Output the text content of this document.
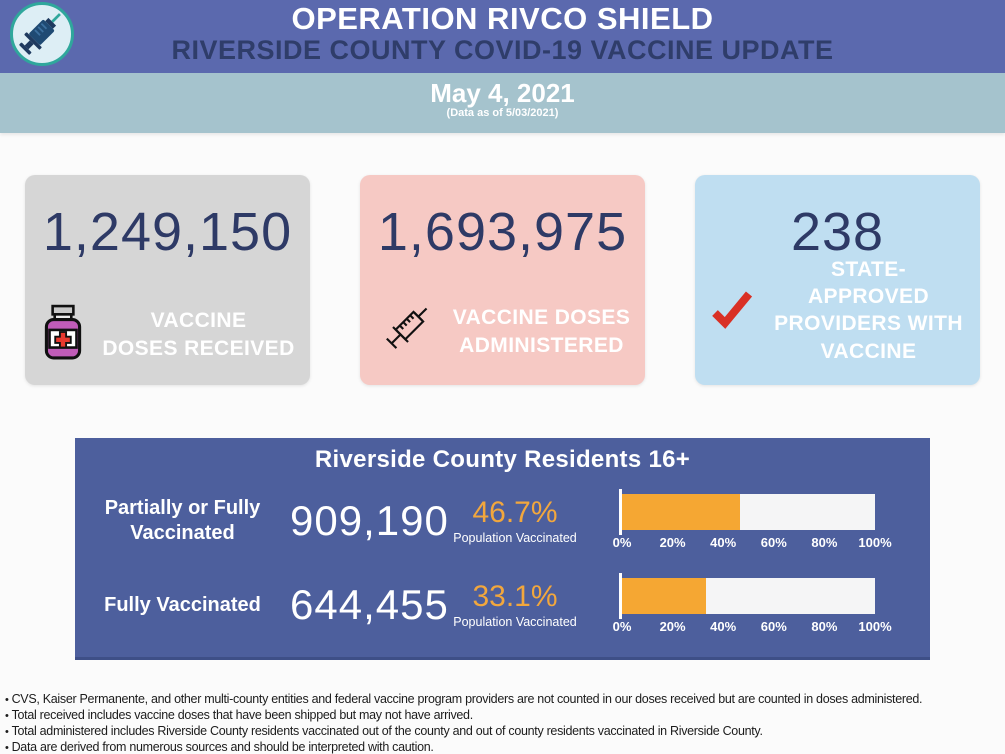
OPERATION RIVCO SHIELD
RIVERSIDE COUNTY COVID-19 VACCINE UPDATE
May 4, 2021
(Data as of 5/03/2021)
1,249,150
VACCINE
DOSES RECEIVED
1,693,975
VACCINE DOSES
ADMINISTERED
238
STATE-APPROVED
PROVIDERS WITH
VACCINE
Riverside County Residents 16+
Partially or Fully Vaccinated	909,190 46.7%
Population Vaccinated	0% 20% 40% 60% 80% 100%
Fully Vaccinated 644,455 33.1%
Population Vaccinated	0% 20% 40% 60% 80% 100%
• CVS, Kaiser Permanente, and other multi-county entities and federal vaccine program providers are not counted in our doses received but are counted in doses administered.
• Total received includes vaccine doses that have been shipped but may not have arrived.
• Total administered includes Riverside County residents vaccinated out of the county and out of county residents vaccinated in Riverside County.
• Data are derived from numerous sources and should be interpreted with caution.
